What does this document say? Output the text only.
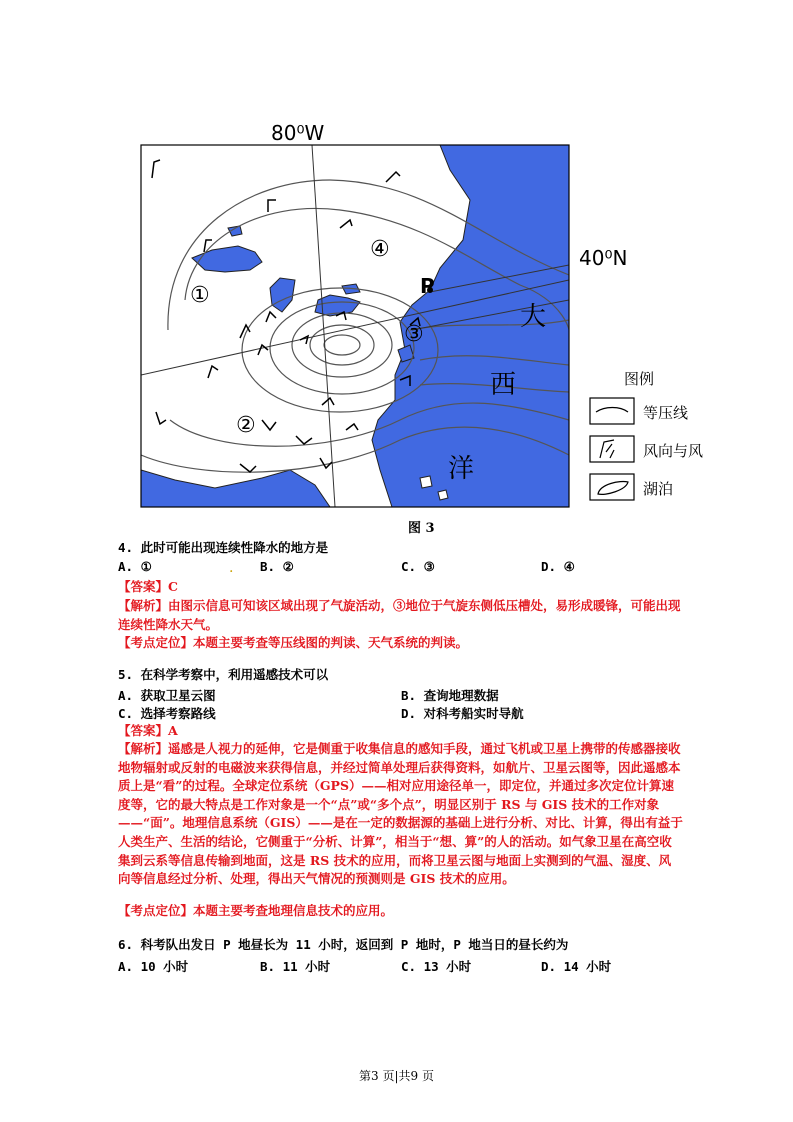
80⁰W
40⁰N
P
①
②
③
④
大
西
洋
图例
等压线
风向与风
湖泊
图 3
4. 此时可能出现连续性降水的地方是
A. ①	. B. ②	C. ③	D. ④
【答案】C
【解析】由图示信息可知该区域出现了气旋活动，③地位于气旋东侧低压槽处，易形成暖锋，可能出现连续性降水天气。
【考点定位】本题主要考查等压线图的判读、天气系统的判读。
5. 在科学考察中，利用遥感技术可以
A. 获取卫星云图	B. 查询地理数据
C. 选择考察路线	D. 对科考船实时导航
【答案】A
【解析】遥感是人视力的延伸，它是侧重于收集信息的感知手段，通过飞机或卫星上携带的传感器接收地物辐射或反射的电磁波来获得信息，并经过简单处理后获得资料，如航片、卫星云图等，因此遥感本质上是“看”的过程。全球定位系统（GPS）——相对应用途径单一，即定位，并通过多次定位计算速度等，它的最大特点是工作对象是一个“点”或“多个点”，明显区别于 RS 与 GIS 技术的工作对象——“面”。地理信息系统（GIS）——是在一定的数据源的基础上进行分析、对比、计算，得出有益于人类生产、生活的结论，它侧重于“分析、计算”，相当于“想、算”的人的活动。如气象卫星在高空收集到云系等信息传输到地面，这是 RS 技术的应用，而将卫星云图与地面上实测到的气温、湿度、风向等信息经过分析、处理，得出天气情况的预测则是 GIS 技术的应用。
【考点定位】本题主要考查地理信息技术的应用。
6. 科考队出发日 P 地昼长为 11 小时，返回到 P 地时，P 地当日的昼长约为
A. 10 小时	B. 11 小时	C. 13 小时	D. 14 小时
第3 页|共9 页
